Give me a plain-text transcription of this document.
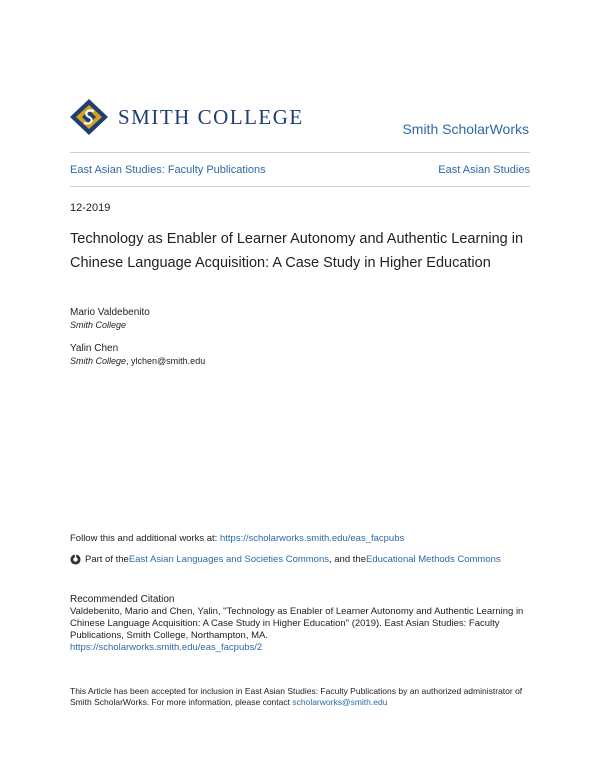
SMITH COLLEGE
Smith ScholarWorks
East Asian Studies: Faculty Publications	East Asian Studies
12-2019
Technology as Enabler of Learner Autonomy and Authentic Learning in Chinese Language Acquisition: A Case Study in Higher Education
Mario Valdebenito
Smith College
Yalin Chen
Smith College, ylchen@smith.edu
Follow this and additional works at: https://scholarworks.smith.edu/eas_facpubs
Part of the East Asian Languages and Societies Commons , and the Educational Methods Commons
Recommended Citation
Valdebenito, Mario and Chen, Yalin, "Technology as Enabler of Learner Autonomy and Authentic Learning in Chinese Language Acquisition: A Case Study in Higher Education" (2019). East Asian Studies: Faculty Publications, Smith College, Northampton, MA.
https://scholarworks.smith.edu/eas_facpubs/2
This Article has been accepted for inclusion in East Asian Studies: Faculty Publications by an authorized administrator of Smith ScholarWorks. For more information, please contact scholarworks@smith.edu
